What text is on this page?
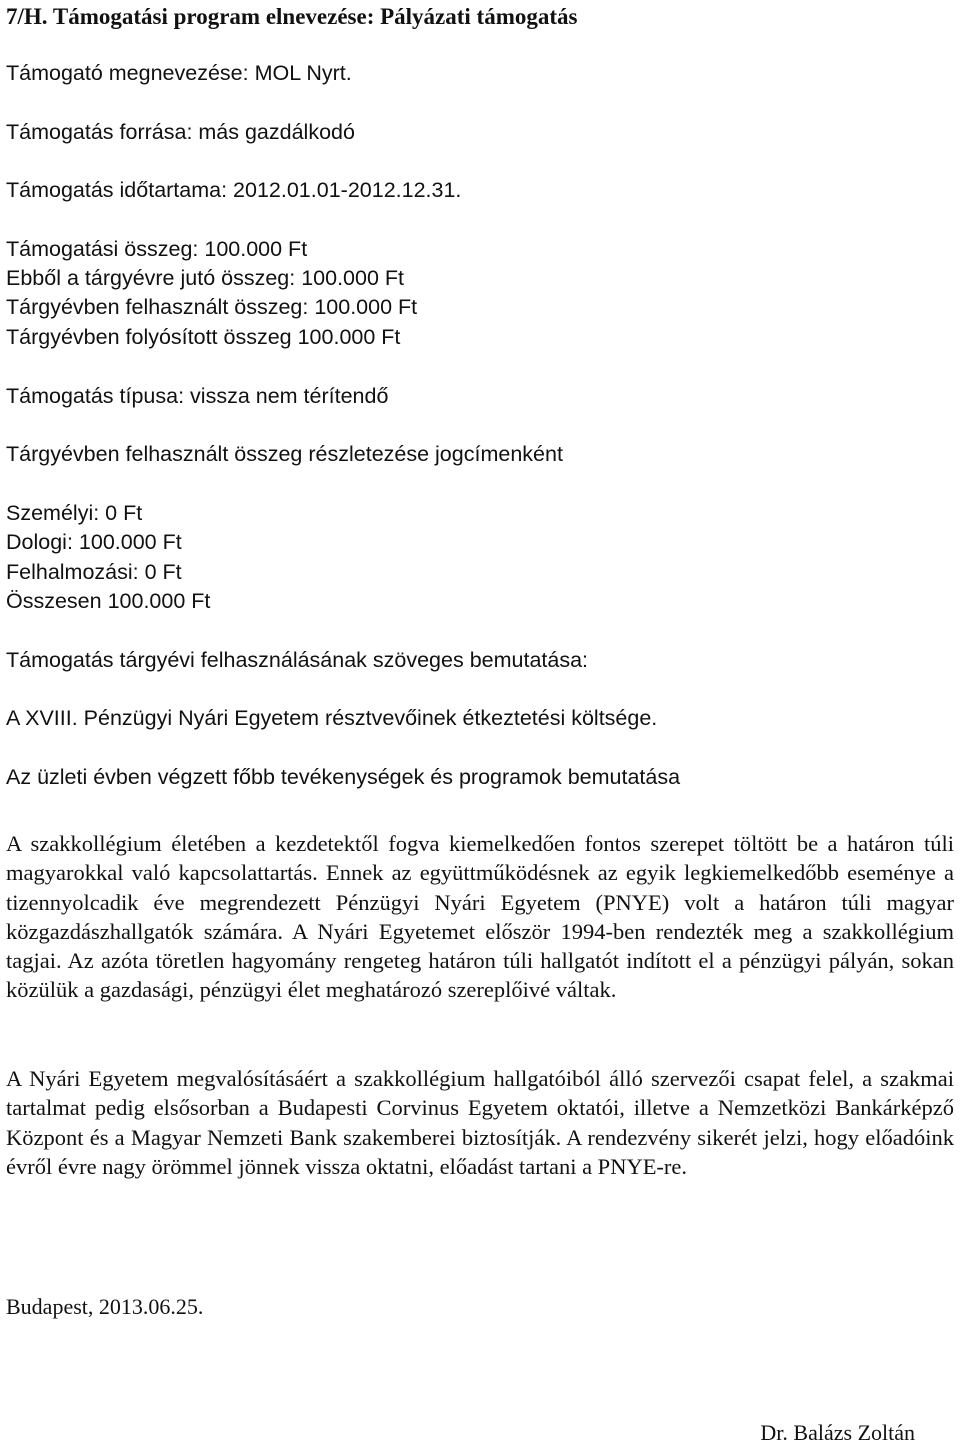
7/H. Támogatási program elnevezése: Pályázati támogatás
Támogató megnevezése: MOL Nyrt.
Támogatás forrása: más gazdálkodó
Támogatás időtartama: 2012.01.01-2012.12.31.
Támogatási összeg: 100.000 Ft
Ebből a tárgyévre jutó összeg: 100.000 Ft
Tárgyévben felhasznált összeg: 100.000 Ft
Tárgyévben folyósított összeg 100.000 Ft
Támogatás típusa: vissza nem térítendő
Tárgyévben felhasznált összeg részletezése jogcímenként
Személyi: 0 Ft
Dologi: 100.000 Ft
Felhalmozási: 0 Ft
Összesen 100.000 Ft
Támogatás tárgyévi felhasználásának szöveges bemutatása:
A XVIII. Pénzügyi Nyári Egyetem résztvevőinek étkeztetési költsége.
Az üzleti évben végzett főbb tevékenységek és programok bemutatása
A szakkollégium életében a kezdetektől fogva kiemelkedően fontos szerepet töltött be a határon túli magyarokkal való kapcsolattartás. Ennek az együttműködésnek az egyik legkiemelkedőbb eseménye a tizennyolcadik éve megrendezett Pénzügyi Nyári Egyetem (PNYE) volt a határon túli magyar közgazdászhallgatók számára. A Nyári Egyetemet először 1994-ben rendezték meg a szakkollégium tagjai. Az azóta töretlen hagyomány rengeteg határon túli hallgatót indított el a pénzügyi pályán, sokan közülük a gazdasági, pénzügyi élet meghatározó szereplőivé váltak.
A Nyári Egyetem megvalósításáért a szakkollégium hallgatóiból álló szervezői csapat felel, a szakmai tartalmat pedig elsősorban a Budapesti Corvinus Egyetem oktatói, illetve a Nemzetközi Bankárképző Központ és a Magyar Nemzeti Bank szakemberei biztosítják. A rendezvény sikerét jelzi, hogy előadóink évről évre nagy örömmel jönnek vissza oktatni, előadást tartani a PNYE-re.
Budapest, 2013.06.25.
Dr. Balázs Zoltán
